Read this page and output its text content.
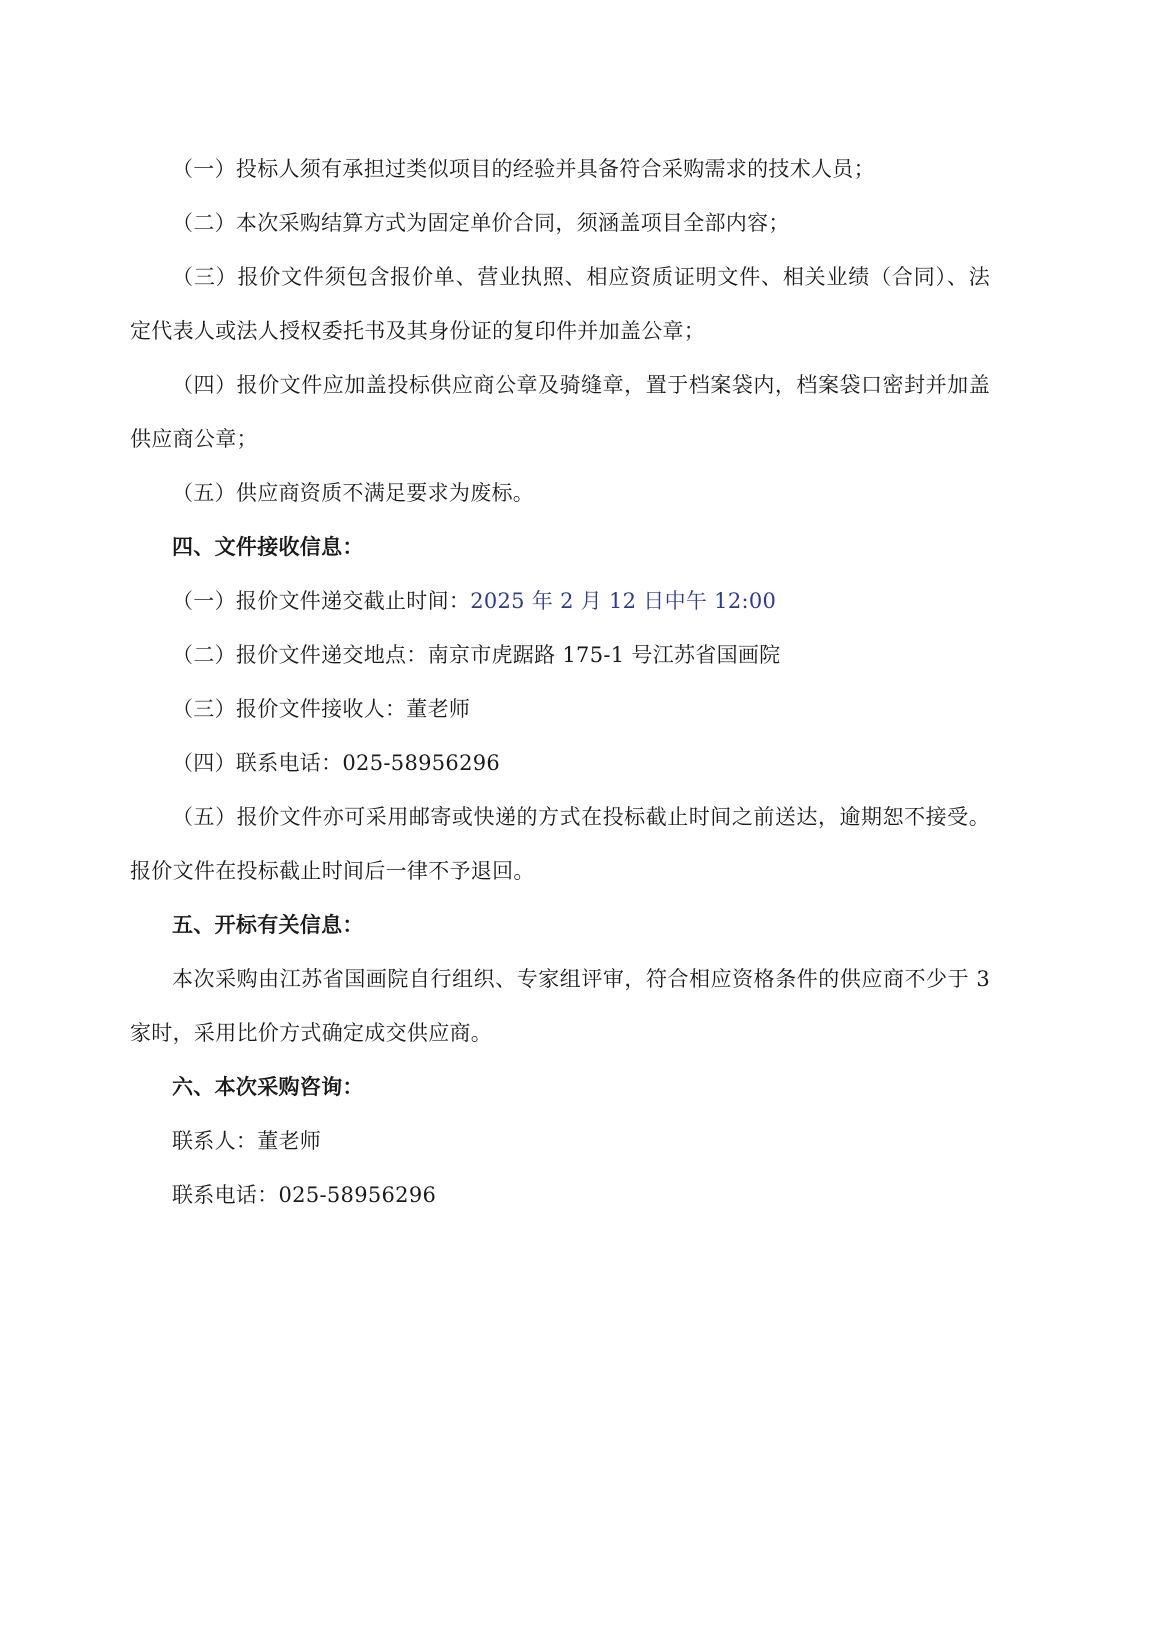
（一）投标人须有承担过类似项目的经验并具备符合采购需求的技术人员；

（二）本次采购结算方式为固定单价合同，须涵盖项目全部内容；

（三）报价文件须包含报价单、营业执照、相应资质证明文件、相关业绩（合同）、法定代表人或法人授权委托书及其身份证的复印件并加盖公章；

（四）报价文件应加盖投标供应商公章及骑缝章，置于档案袋内，档案袋口密封并加盖供应商公章；

（五）供应商资质不满足要求为废标。

四、文件接收信息：

（一）报价文件递交截止时间：2025 年 2 月 12 日中午 12:00

（二）报价文件递交地点：南京市虎踞路 175-1 号江苏省国画院

（三）报价文件接收人：董老师

（四）联系电话：025-58956296

（五）报价文件亦可采用邮寄或快递的方式在投标截止时间之前送达，逾期恕不接受。报价文件在投标截止时间后一律不予退回。

五、开标有关信息：

本次采购由江苏省国画院自行组织、专家组评审，符合相应资格条件的供应商不少于 3 家时，采用比价方式确定成交供应商。

六、本次采购咨询：

联系人：董老师

联系电话：025-58956296
